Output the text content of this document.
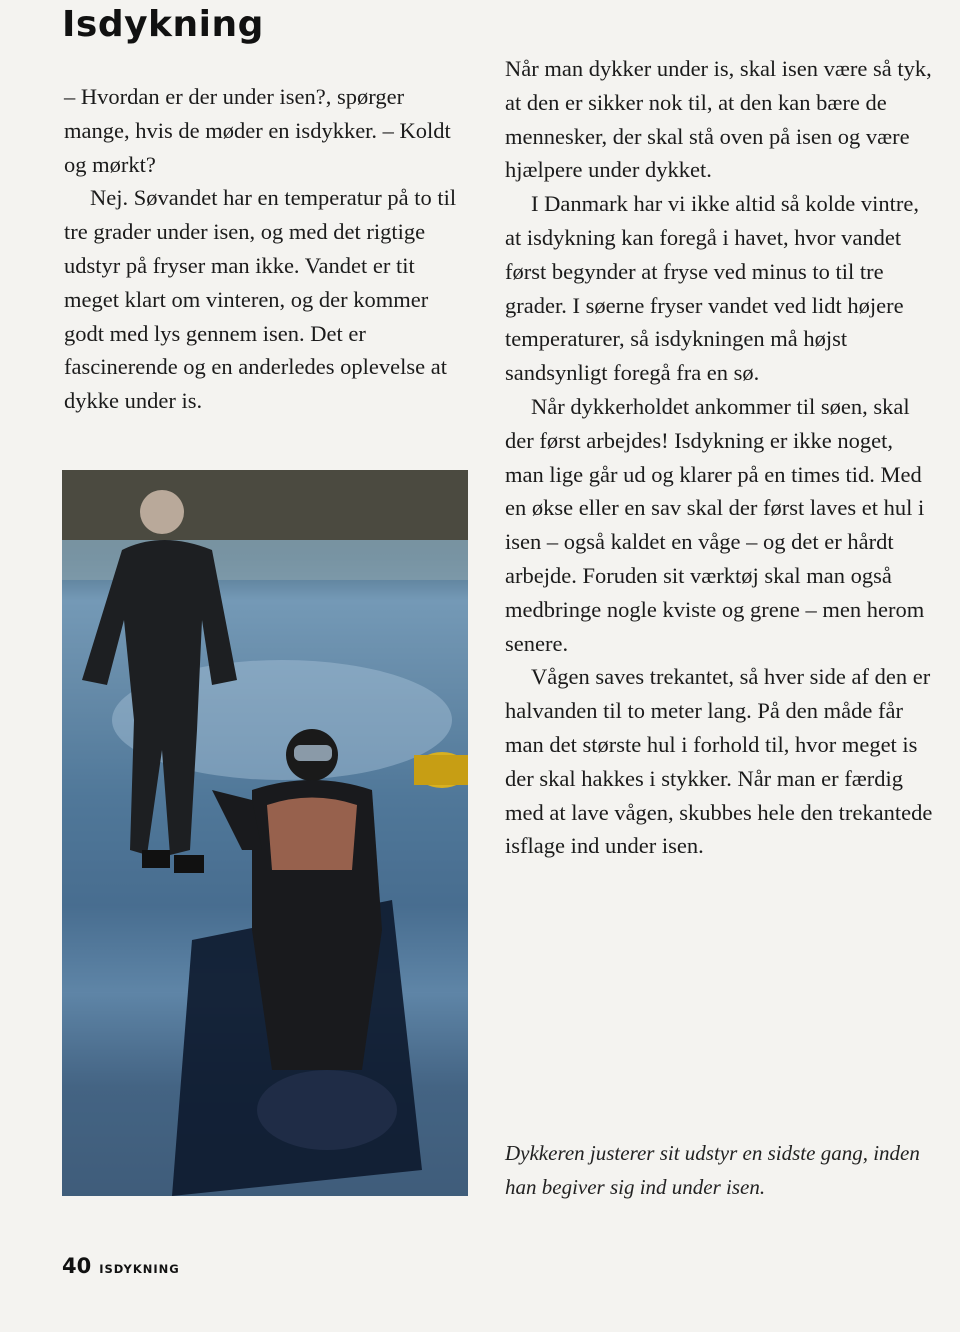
Isdykning

– Hvordan er der under isen?, spørger mange, hvis de møder en isdykker. – Koldt og mørkt?

Nej. Søvandet har en temperatur på to til tre grader under isen, og med det rigtige udstyr på fryser man ikke. Vandet er tit meget klart om vinteren, og der kommer godt med lys gennem isen. Det er fascinerende og en anderledes oplevelse at dykke under is.

Når man dykker under is, skal isen være så tyk, at den er sikker nok til, at den kan bære de mennesker, der skal stå oven på isen og være hjælpere under dykket.

I Danmark har vi ikke altid så kolde vintre, at isdykning kan foregå i havet, hvor vandet først begynder at fryse ved minus to til tre grader. I søerne fryser vandet ved lidt højere temperaturer, så isdykningen må højst sandsynligt foregå fra en sø.

Når dykkerholdet ankommer til søen, skal der først arbejdes! Isdykning er ikke noget, man lige går ud og klarer på en times tid. Med en økse eller en sav skal der først laves et hul i isen – også kaldet en våge – og det er hårdt arbejde. Foruden sit værktøj skal man også medbringe nogle kviste og grene – men herom senere.

Vågen saves trekantet, så hver side af den er halvanden til to meter lang. På den måde får man det største hul i forhold til, hvor meget is der skal hakkes i stykker. Når man er færdig med at lave vågen, skubbes hele den trekantede isflage ind under isen.

Dykkeren justerer sit udstyr en sidste gang, inden han begiver sig ind under isen.

40 ISDYKNING
